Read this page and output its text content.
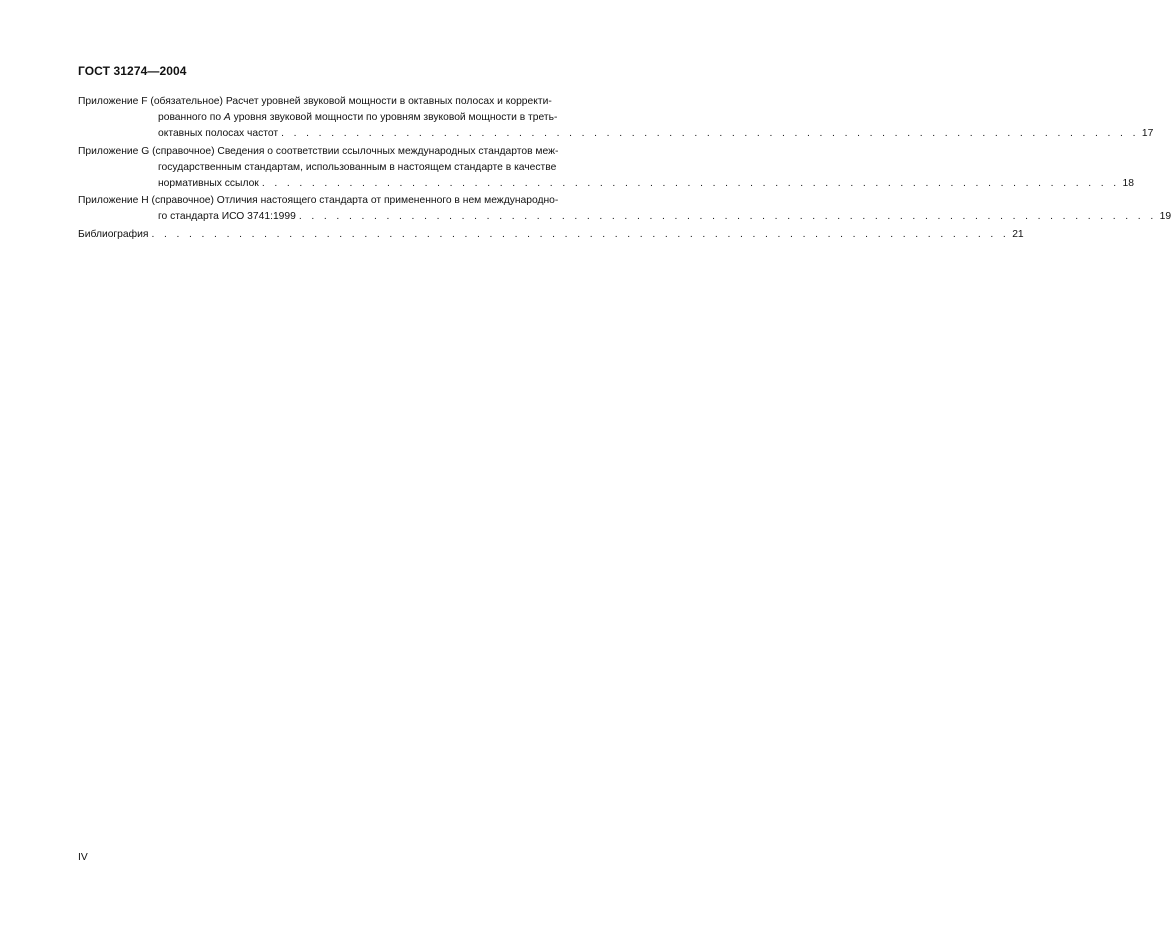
ГОСТ 31274—2004
Приложение F (обязательное) Расчет уровней звуковой мощности в октавных полосах и корректи-
рованного по A уровня звуковой мощности по уровням звуковой мощности в треть-
октавных полосах частот . . . . . . . . . . . . . . . . . . . . . . . . . . . . . . . . . . . . . . . . . . . . . . . . . . . . . . . . . . . . . . . . . . . . . 17
Приложение G (справочное) Сведения о соответствии ссылочных международных стандартов меж-
государственным стандартам, использованным в настоящем стандарте в качестве
нормативных ссылок . . . . . . . . . . . . . . . . . . . . . . . . . . . . . . . . . . . . . . . . . . . . . . . . . . . . . . . . . . . . . . . . . . . . . 18
Приложение H (справочное) Отличия настоящего стандарта от примененного в нем международно-
го стандарта ИСО 3741:1999 . . . . . . . . . . . . . . . . . . . . . . . . . . . . . . . . . . . . . . . . . . . . . . . . . . . . . . . . . . . . . . . . . . . . . 19
Библиография . . . . . . . . . . . . . . . . . . . . . . . . . . . . . . . . . . . . . . . . . . . . . . . . . . . . . . . . . . . . . . . . . . . . . 21
IV
